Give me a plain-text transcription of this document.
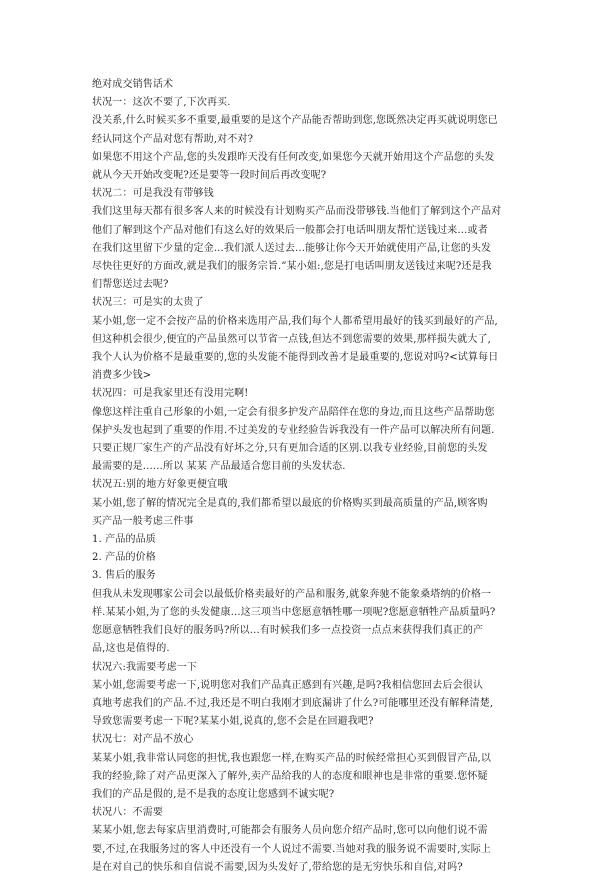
绝对成交销售话术
状况一：这次不要了,下次再买.
没关系,什么时候买多不重要,最重要的是这个产品能否帮助到您,您既然决定再买就说明您已
经认同这个产品对您有帮助,对不对?
如果您不用这个产品,您的头发跟昨天没有任何改变,如果您今天就开始用这个产品您的头发
就从今天开始改变呢?还是要等一段时间后再改变呢?
状况二：可是我没有带够钱
我们这里每天都有很多客人来的时候没有计划购买产品而没带够钱.当他们了解到这个产品对
他们了解到这个产品对他们有这么好的效果后一般都会打电话叫朋友帮忙送钱过来…或者
在我们这里留下少量的定金…我们派人送过去…能够让你今天开始就使用产品,让您的头发
尽快往更好的方面改,就是我们的服务宗旨.”某小姐:,您是打电话叫朋友送钱过来呢?还是我
们帮您送过去呢?
状况三：可是实的太贵了
某小姐,您一定不会按产品的价格来选用产品,我们每个人都希望用最好的钱买到最好的产品,
但这种机会很少,便宜的产品虽然可以节省一点钱,但达不到您需要的效果,那样损失就大了,
我个人认为价格不是最重要的,您的头发能不能得到改善才是最重要的,您说对吗?<试算每日
消费多少钱>
状况四：可是我家里还有没用完啊!
像您这样注重自己形象的小姐,一定会有很多护发产品陪伴在您的身边,而且这些产品帮助您
保护头发也起到了重要的作用.不过美发的专业经验告诉我没有一件产品可以解决所有问题.
只要正规厂家生产的产品没有好坏之分,只有更加合适的区别.以我专业经验,目前您的头发
最需要的是……所以 某某 产品最适合您目前的头发状态.
状况五:别的地方好象更便宜哦
某小姐,您了解的情况完全是真的,我们都希望以最底的价格购买到最高质量的产品,顾客购
买产品一般考虑三件事
1. 产品的品质
2. 产品的价格
3. 售后的服务
但我从未发现哪家公司会以最低价格卖最好的产品和服务,就象奔驰不能象桑塔纳的价格一
样.某某小姐,为了您的头发健康…这三项当中您愿意牺牲哪一项呢?您愿意牺牲产品质量吗?
您愿意牺牲我们良好的服务吗?所以…有时候我们多一点投资一点点来获得我们真正的产
品,这也是值得的.
状况六:我需要考虑一下
某小姐,您需要考虑一下,说明您对我们产品真正感到有兴趣,是吗?我相信您回去后会很认
真地考虑我们的产品.不过,我还是不明白我刚才到底漏讲了什么?可能哪里还没有解释清楚,
导致您需要考虑一下呢?某某小姐,说真的,您不会是在回避我吧?
状况七：对产品不放心
某某小姐,我非常认同您的担忧,我也跟您一样,在购买产品的时候经常担心买到假冒产品,以
我的经验,除了对产品更深入了解外,卖产品给我的人的态度和眼神也是非常的重要.您怀疑
我们的产品是假的,是不是我的态度让您感到不诚实呢?
状况八：不需要
某某小姐,您去每家店里消费时,可能都会有服务人员向您介绍产品时,您可以向他们说不需
要,不过,在我服务过的客人中还没有一个人说过不需要.当她对我的服务说不需要时,实际上
是在对自己的快乐和自信说不需要,因为头发好了,带给您的是无穷快乐和自信,对吗?
